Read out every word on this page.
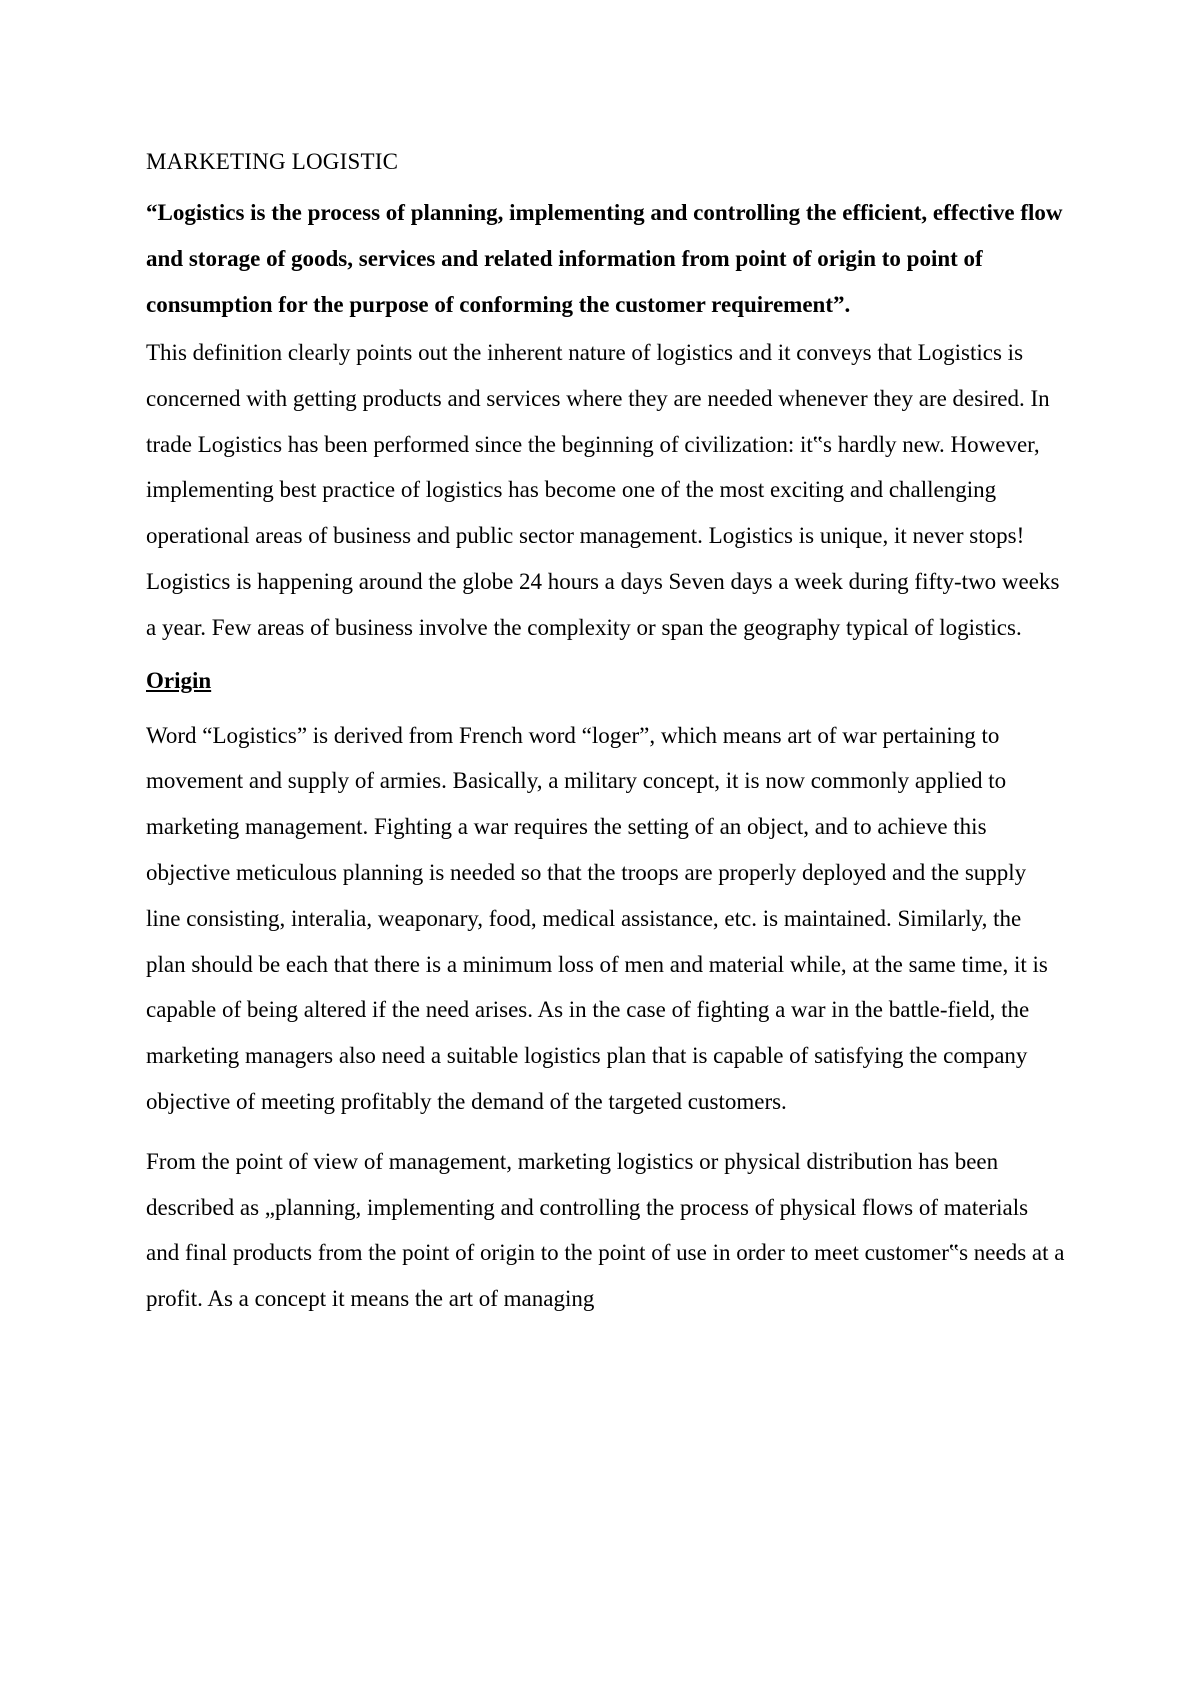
MARKETING LOGISTIC
“Logistics is the process of planning, implementing and controlling the efficient, effective flow and storage of goods, services and related information from point of origin to point of consumption for the purpose of conforming the customer requirement”.
This definition clearly points out the inherent nature of logistics and it conveys that Logistics is concerned with getting products and services where they are needed whenever they are desired. In trade Logistics has been performed since the beginning of civilization: it‟s hardly new. However, implementing best practice of logistics has become one of the most exciting and challenging operational areas of business and public sector management. Logistics is unique, it never stops! Logistics is happening around the globe 24 hours a days Seven days a week during fifty-two weeks a year. Few areas of business involve the complexity or span the geography typical of logistics.
Origin
Word “Logistics” is derived from French word “loger”, which means art of war pertaining to movement and supply of armies. Basically, a military concept, it is now commonly applied to marketing management. Fighting a war requires the setting of an object, and to achieve this objective meticulous planning is needed so that the troops are properly deployed and the supply line consisting, interalia, weaponary, food, medical assistance, etc. is maintained. Similarly, the plan should be each that there is a minimum loss of men and material while, at the same time, it is capable of being altered if the need arises. As in the case of fighting a war in the battle-field, the marketing managers also need a suitable logistics plan that is capable of satisfying the company objective of meeting profitably the demand of the targeted customers.
From the point of view of management, marketing logistics or physical distribution has been described as „planning, implementing and controlling the process of physical flows of materials and final products from the point of origin to the point of use in order to meet customer‟s needs at a profit. As a concept it means the art of managing
